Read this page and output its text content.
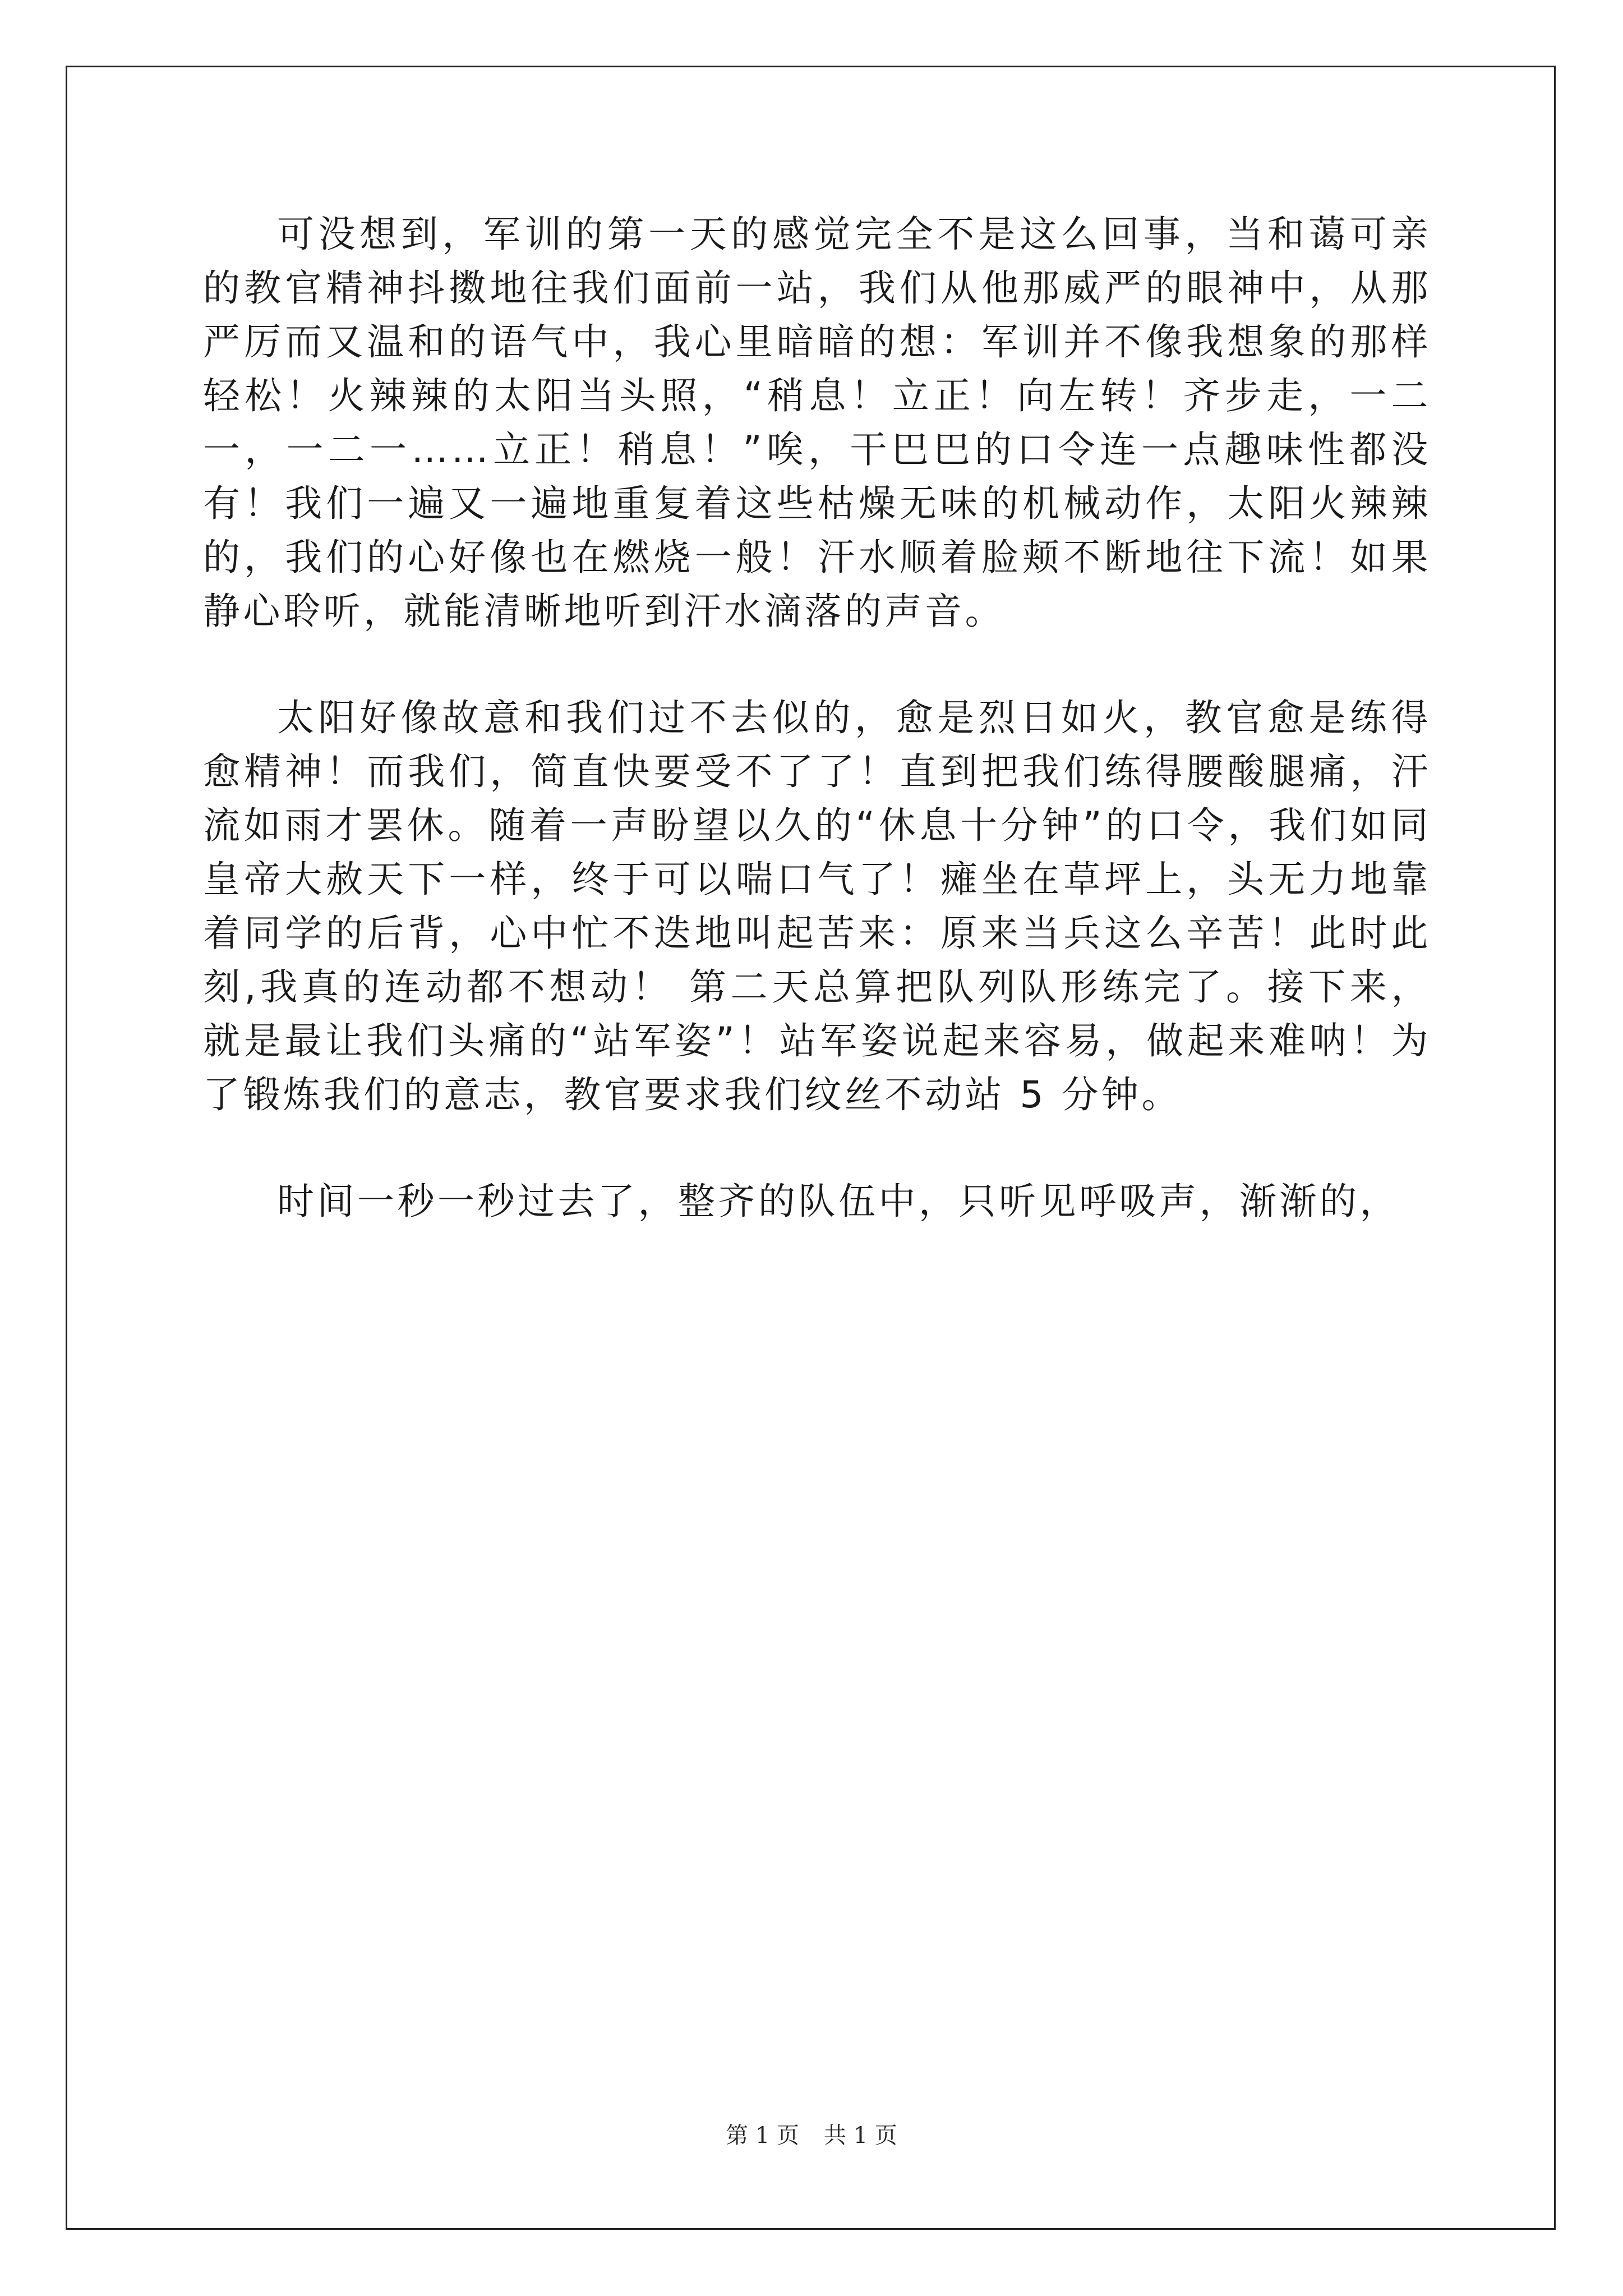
可没想到，军训的第一天的感觉完全不是这么回事，当和蔼可亲的教官精神抖擞地往我们面前一站，我们从他那威严的眼神中，从那严厉而又温和的语气中，我心里暗暗的想：军训并不像我想象的那样轻松！火辣辣的太阳当头照，“稍息！立正！向左转！齐步走，一二一，一二一……立正！稍息！”唉，干巴巴的口令连一点趣味性都没有！我们一遍又一遍地重复着这些枯燥无味的机械动作，太阳火辣辣的，我们的心好像也在燃烧一般！汗水顺着脸颊不断地往下流！如果静心聆听，就能清晰地听到汗水滴落的声音。

太阳好像故意和我们过不去似的，愈是烈日如火，教官愈是练得愈精神！而我们，简直快要受不了了！直到把我们练得腰酸腿痛，汗流如雨才罢休。随着一声盼望以久的“休息十分钟”的口令，我们如同皇帝大赦天下一样，终于可以喘口气了！瘫坐在草坪上，头无力地靠着同学的后背，心中忙不迭地叫起苦来：原来当兵这么辛苦！此时此刻,我真的连动都不想动！ 第二天总算把队列队形练完了。接下来，就是最让我们头痛的“站军姿”！站军姿说起来容易，做起来难呐！为了锻炼我们的意志，教官要求我们纹丝不动站 5 分钟。

时间一秒一秒过去了，整齐的队伍中，只听见呼吸声，渐渐的，

第 1 页 共 1 页
